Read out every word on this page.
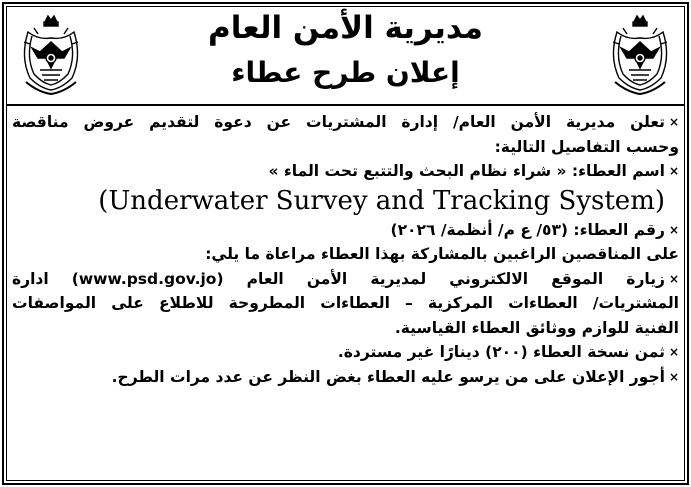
مديرية الأمن العام
إعلان طرح عطاء
×تعلن مديرية الأمن العام/ إدارة المشتريات عن دعوة لتقديم عروض مناقصة
وحسب التفاصيل التالية:
×اسم العطاء: « شراء نظام البحث والتتبع تحت الماء »
(Underwater Survey and Tracking System)
×رقم العطاء: (٥٣/ ع م/ أنظمة/ ٢٠٢٦)
على المناقصين الراغبين بالمشاركة بهذا العطاء مراعاة ما يلي:
×زيارة الموقع الالكتروني لمديرية الأمن العام (www.psd.gov.jo) ادارة
المشتريات/ العطاءات المركزية – العطاءات المطروحة للاطلاع على المواصفات
الفنية للوازم ووثائق العطاء القياسية.
×ثمن نسخة العطاء (٢٠٠) دينارًا غير مستردة.
×أجور الإعلان على من يرسو عليه العطاء بغض النظر عن عدد مرات الطرح.
